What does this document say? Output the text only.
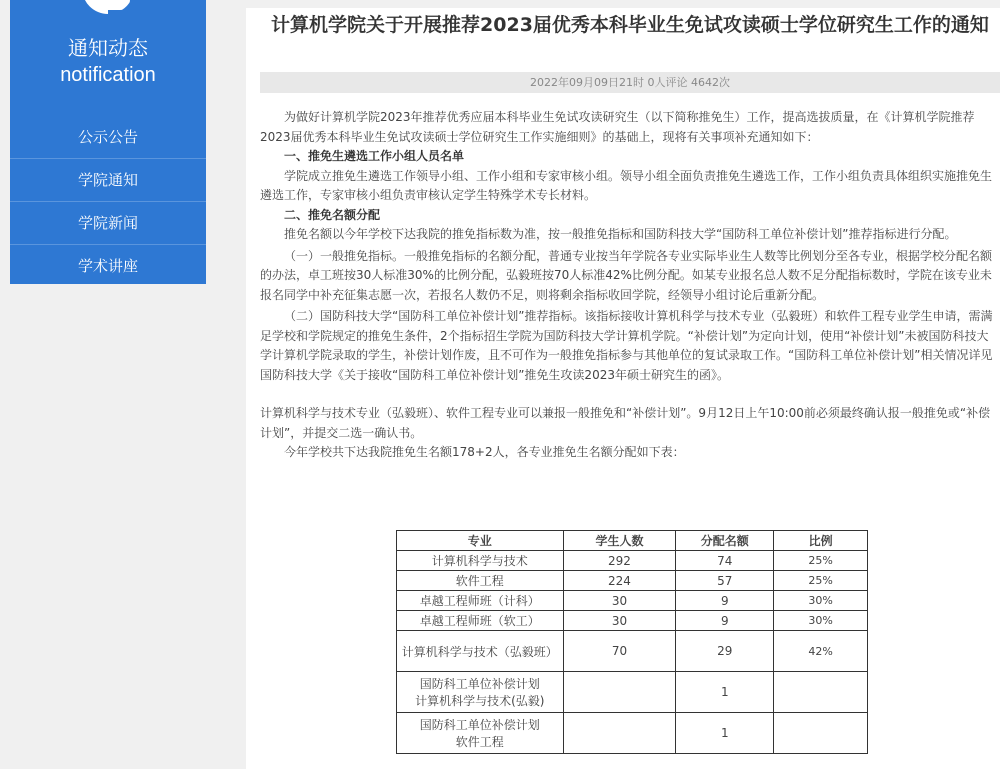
通知动态
notification
公示公告
学院通知
学院新闻
学术讲座
计算机学院关于开展推荐2023届优秀本科毕业生免试攻读硕士学位研究生工作的通知
2022年09月09日21时 0人评论 4642次

为做好计算机学院2023年推荐优秀应届本科毕业生免试攻读研究生（以下简称推免生）工作，提高选拔质量，在《计算机学院推荐2023届优秀本科毕业生免试攻读硕士学位研究生工作实施细则》的基础上，现将有关事项补充通知如下：

一、推免生遴选工作小组人员名单

学院成立推免生遴选工作领导小组、工作小组和专家审核小组。领导小组全面负责推免生遴选工作，工作小组负责具体组织实施推免生遴选工作，专家审核小组负责审核认定学生特殊学术专长材料。

二、推免名额分配

推免名额以今年学校下达我院的推免指标数为准，按一般推免指标和国防科技大学“国防科工单位补偿计划”推荐指标进行分配。

（一）一般推免指标。一般推免指标的名额分配，普通专业按当年学院各专业实际毕业生人数等比例划分至各专业，根据学校分配名额的办法，卓工班按30人标准30%的比例分配，弘毅班按70人标准42%比例分配。如某专业报名总人数不足分配指标数时，学院在该专业未报名同学中补充征集志愿一次，若报名人数仍不足，则将剩余指标收回学院，经领导小组讨论后重新分配。

（二）国防科技大学“国防科工单位补偿计划”推荐指标。该指标接收计算机科学与技术专业（弘毅班）和软件工程专业学生申请，需满足学校和学院规定的推免生条件，2个指标招生学院为国防科技大学计算机学院。“补偿计划”为定向计划，使用“补偿计划”未被国防科技大学计算机学院录取的学生，补偿计划作废，且不可作为一般推免指标参与其他单位的复试录取工作。“国防科工单位补偿计划”相关情况详见国防科技大学《关于接收“国防科工单位补偿计划”推免生攻读2023年硕士研究生的函》。

计算机科学与技术专业（弘毅班）、软件工程专业可以兼报一般推免和“补偿计划”。9月12日上午10:00前必须最终确认报一般推免或“补偿计划”，并提交二选一确认书。

今年学校共下达我院推免生名额178+2人，各专业推免生名额分配如下表：

专业	学生人数	分配名额	比例
计算机科学与技术	292	74	25%
软件工程	224	57	25%
卓越工程师班（计科）	30	9	30%
卓越工程师班（软工）	30	9	30%
计算机科学与技术（弘毅班）	70	29	42%

国防科工单位补偿计划
计算机科学与技术(弘毅)		1	

国防科工单位补偿计划
软件工程		1	
